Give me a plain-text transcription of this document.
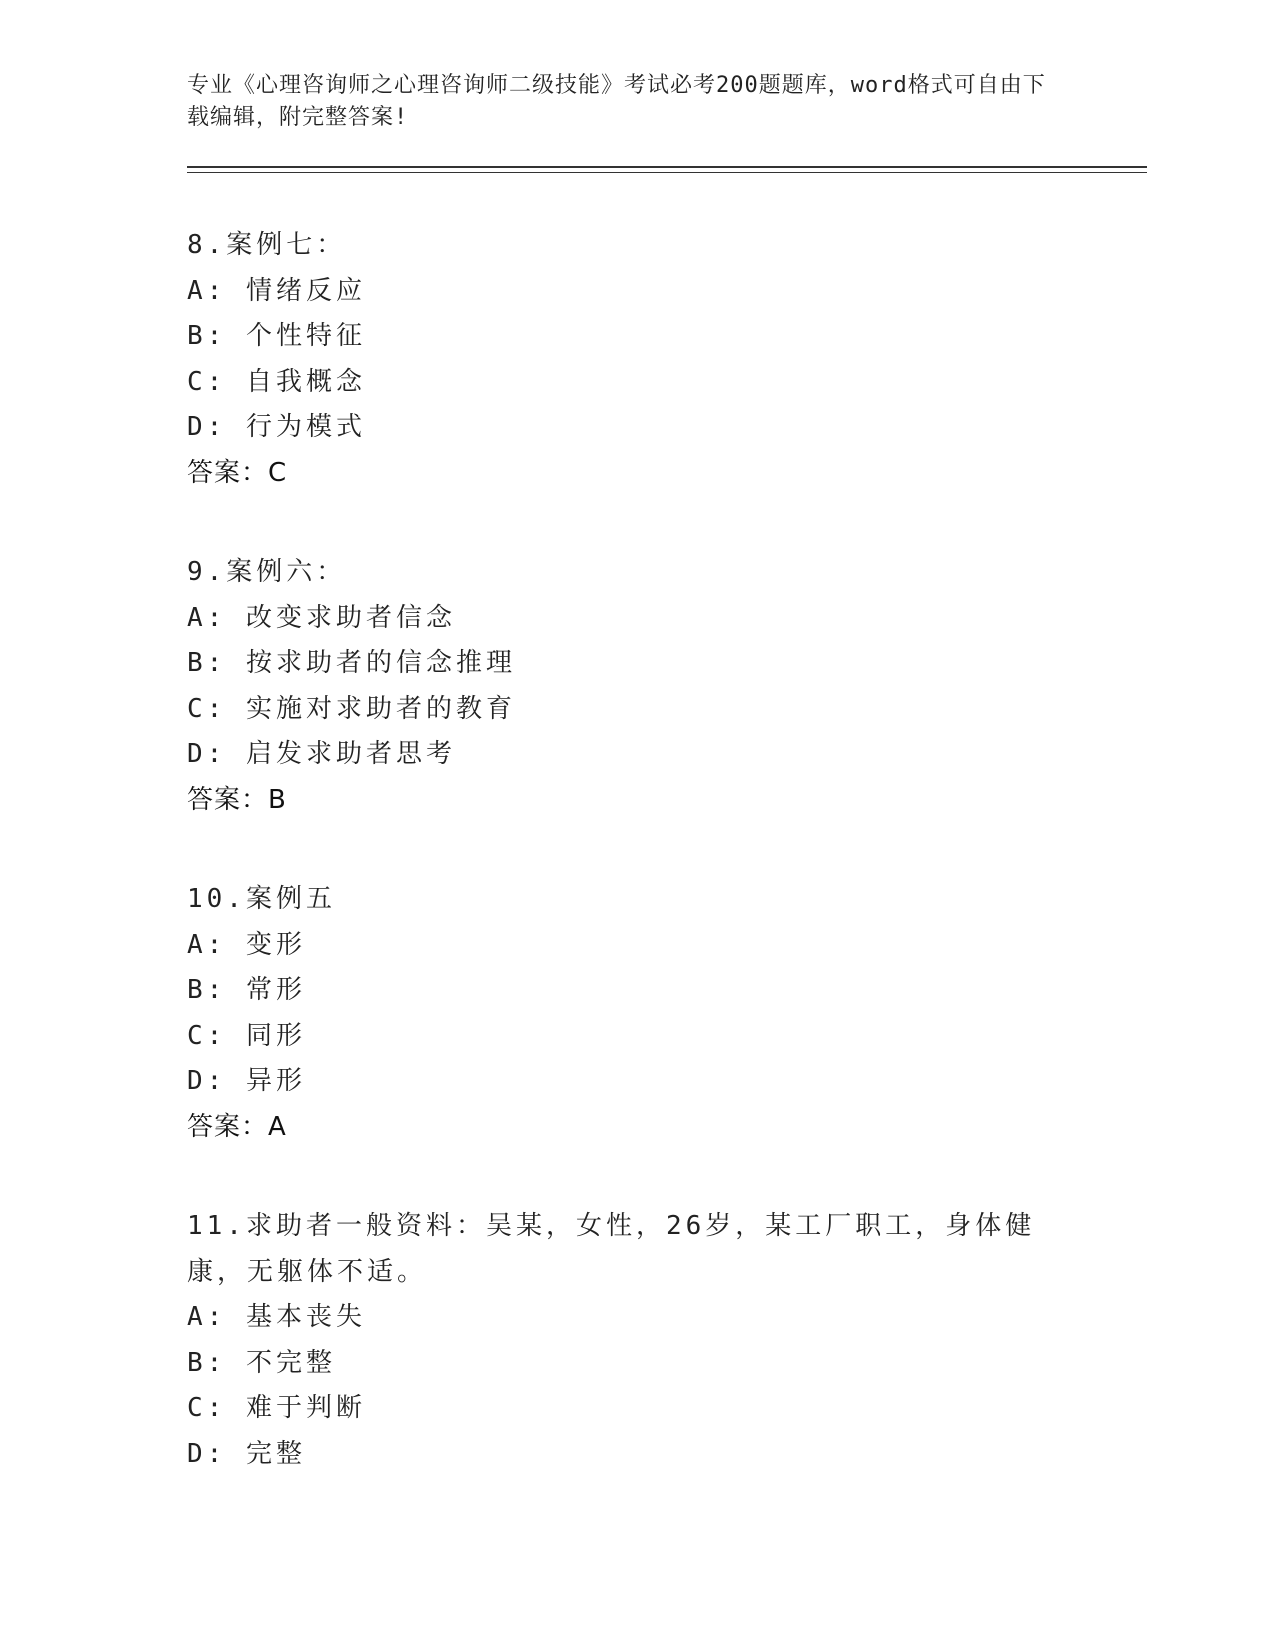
专业《心理咨询师之心理咨询师二级技能》考试必考200题题库，word格式可自由下载编辑，附完整答案!

8.案例七：

A: 情绪反应

B: 个性特征

C: 自我概念

D: 行为模式

答案：C

9.案例六：

A: 改变求助者信念

B: 按求助者的信念推理

C: 实施对求助者的教育

D: 启发求助者思考

答案：B

10.案例五

A: 变形

B: 常形

C: 同形

D: 异形

答案：A

11.求助者一般资料：吴某，女性，26岁，某工厂职工，身体健康，无躯体不适。

A: 基本丧失

B: 不完整

C: 难于判断

D: 完整
